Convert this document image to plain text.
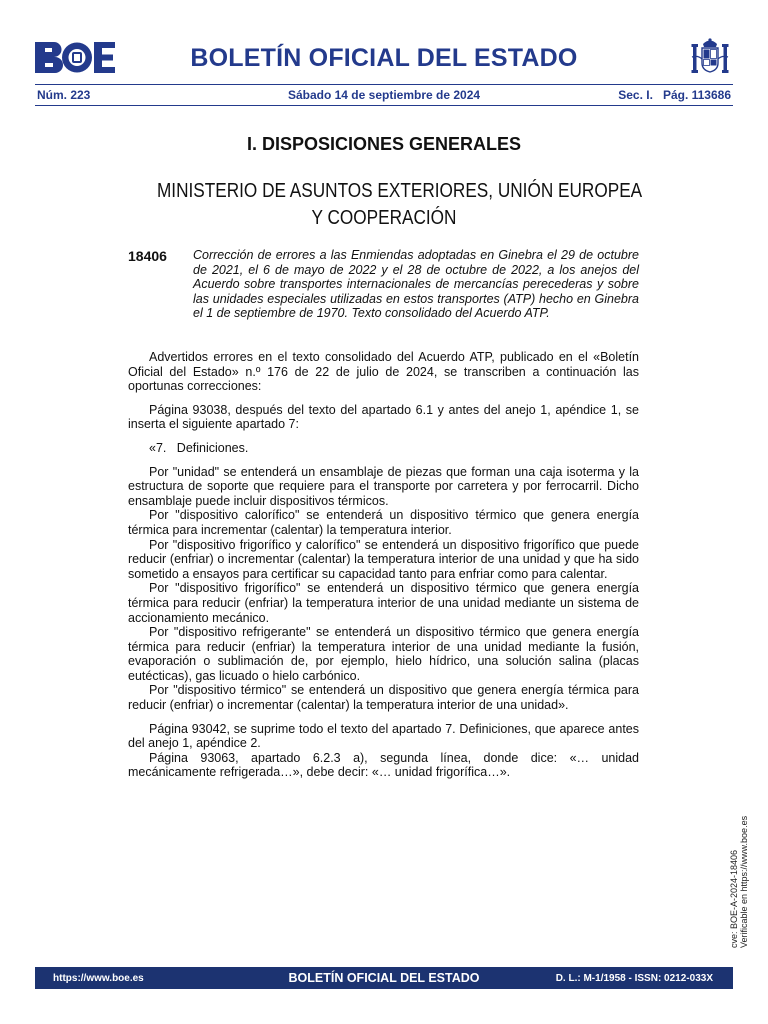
BOLETÍN OFICIAL DEL ESTADO
Núm. 223	Sábado 14 de septiembre de 2024	Sec. I.   Pág. 113686
I. DISPOSICIONES GENERALES
MINISTERIO DE ASUNTOS EXTERIORES, UNIÓN EUROPEA
Y COOPERACIÓN
18406 Corrección de errores a las Enmiendas adoptadas en Ginebra el 29 de octubre de 2021, el 6 de mayo de 2022 y el 28 de octubre de 2022, a los anejos del Acuerdo sobre transportes internacionales de mercancías perecederas y sobre las unidades especiales utilizadas en estos transportes (ATP) hecho en Ginebra el 1 de septiembre de 1970. Texto consolidado del Acuerdo ATP.

Advertidos errores en el texto consolidado del Acuerdo ATP, publicado en el «Boletín Oficial del Estado» n.º 176 de 22 de julio de 2024, se transcriben a continuación las oportunas correcciones:

Página 93038, después del texto del apartado 6.1 y antes del anejo 1, apéndice 1, se inserta el siguiente apartado 7:

«7.   Definiciones.

Por "unidad" se entenderá un ensamblaje de piezas que forman una caja isoterma y la estructura de soporte que requiere para el transporte por carretera y por ferrocarril. Dicho ensamblaje puede incluir dispositivos térmicos.

Por "dispositivo calorífico" se entenderá un dispositivo térmico que genera energía térmica para incrementar (calentar) la temperatura interior.

Por "dispositivo frigorífico y calorífico" se entenderá un dispositivo frigorífico que puede reducir (enfriar) o incrementar (calentar) la temperatura interior de una unidad y que ha sido sometido a ensayos para certificar su capacidad tanto para enfriar como para calentar.

Por "dispositivo frigorífico" se entenderá un dispositivo térmico que genera energía térmica para reducir (enfriar) la temperatura interior de una unidad mediante un sistema de accionamiento mecánico.

Por "dispositivo refrigerante" se entenderá un dispositivo térmico que genera energía térmica para reducir (enfriar) la temperatura interior de una unidad mediante la fusión, evaporación o sublimación de, por ejemplo, hielo hídrico, una solución salina (placas eutécticas), gas licuado o hielo carbónico.

Por "dispositivo térmico" se entenderá un dispositivo que genera energía térmica para reducir (enfriar) o incrementar (calentar) la temperatura interior de una unidad».

Página 93042, se suprime todo el texto del apartado 7. Definiciones, que aparece antes del anejo 1, apéndice 2.

Página 93063, apartado 6.2.3 a), segunda línea, donde dice: «… unidad mecánicamente refrigerada…», debe decir: «… unidad frigorífica…».

cve: BOE-A-2024-18406 Verificable en https://www.boe.es
https://www.boe.es	BOLETÍN OFICIAL DEL ESTADO	D. L.: M-1/1958 - ISSN: 0212-033X
